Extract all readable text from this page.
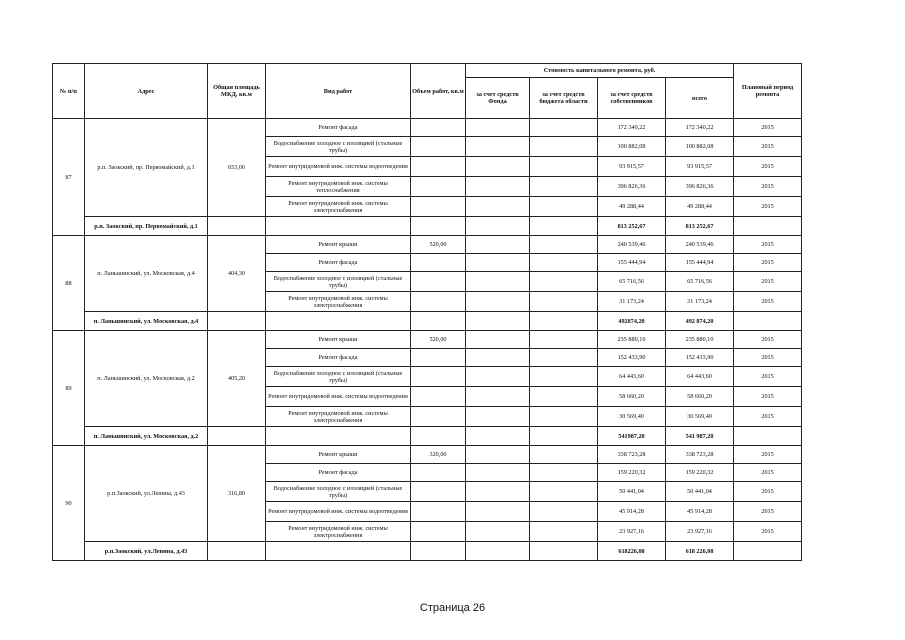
№ п/п	Адрес	Общая площадь МКД, кв.м	Вид работ	Объем работ, кв.м	Стоимость капитального ремонта, руб.				Плановый период ремонта
					за счет средств Фонда	за счет средств бюджета области	за счет средств собственников	всего	
87	р.п. Заокский, пр. Первомайский, д.1	653,00	Ремонт фасада				172 340,22	172 340,22	2015
			Водоснабжение холодное с изоляцией (стальные трубы)				100 882,08	100 882,08	2015
			Ремонт внутридомовой инж. системы водоотведения				93 915,57	93 915,57	2015
			Ремонт внутридомовой инж. системы теплоснабжения				396 826,36	396 826,36	2015
			Ремонт внутридомовой инж. системы электроснабжения				49 288,44	49 288,44	2015
	р.п. Заокский, пр. Первомайский, д.1						813 252,67	813 252,67	
88	п. Ланьшинский, ул. Московская, д.4	404,30	Ремонт крыши	520,00			240 539,46	240 539,46	2015
			Ремонт фасада				155 444,94	155 444,94	2015
			Водоснабжение холодное с изоляцией (стальные трубы)				65 716,56	65 716,56	2015
			Ремонт внутридомовой инж. системы электроснабжения				31 173,24	31 173,24	2015
	п. Ланьшинский, ул. Московская, д.4						492874,20	492 874,20	
89	п. Ланьшинский, ул. Московская, д.2	405,20	Ремонт крыши	520,00			235 880,10	235 880,10	2015
			Ремонт фасада				152 433,90	152 433,90	2015
			Водоснабжение холодное с изоляцией (стальные трубы)				64 443,60	64 443,60	2015
			Ремонт внутридомовой инж. системы водоотведения				58 660,20	58 660,20	2015
			Ремонт внутридомовой инж. системы электроснабжения				30 569,40	30 569,40	2015
	п. Ланьшинский, ул. Московская, д.2						541987,20	541 987,20	
90	р.п.Заокский, ул.Ленина, д.43	316,80	Ремонт крыши	320,00			338 723,28	338 723,28	2015
			Ремонт фасада				159 220,32	159 220,32	2015
			Водоснабжение холодное с изоляцией (стальные трубы)				50 441,04	50 441,04	2015
			Ремонт внутридомовой инж. системы водоотведения				45 914,28	45 914,28	2015
			Ремонт внутридомовой инж. системы электроснабжения				23 927,16	23 927,16	2015
	р.п.Заокский, ул.Ленина, д.43						618226,08	618 226,08	
Страница 26
